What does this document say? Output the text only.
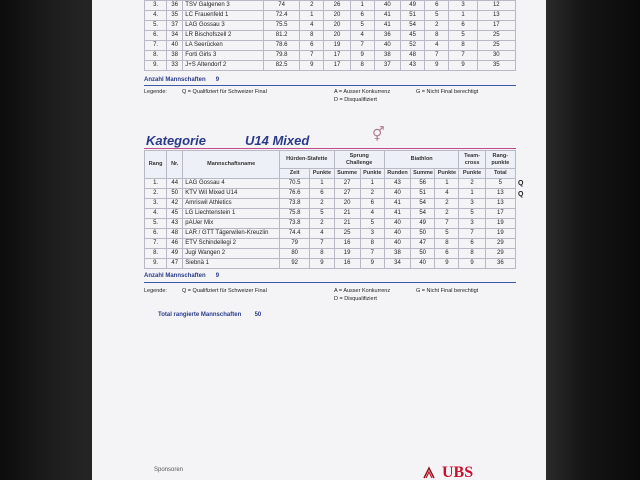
3.	36	TSV Galgenen 3	74	2	26	1	40	49	6	3	12
4.	35	LC Frauenfeld 1	72.4	1	20	6	41	51	5	1	13
5.	37	LAG Gossau 3	75.5	4	20	5	41	54	2	6	17
6.	34	LR Bischofszell 2	81.2	8	20	4	36	45	8	5	25
7.	40	LA Seerücken	78.6	6	19	7	40	52	4	8	25
8.	38	Forti Girls 3	79.8	7	17	9	38	48	7	7	30
9.	33	J+S Altendorf 2	82.5	9	17	8	37	43	9	9	35
Anzahl Mannschaften 9
Legende:	Q = Qualifiziert für Schweizer Final	A = Ausser Konkurrenz	G = Nicht Final berechtigt
D = Disqualifiziert
Kategorie	U14 Mixed	⚥
Rang	Nr.	Mannschaftsname	Hürden-Stafette		Sprung Challenge		Biathlon			Team-cross	Rang-punkte
			Zeit	Punkte	Summe	Punkte	Runden	Summe	Punkte	Punkte	Total
1.	44	LAG Gossau 4	70.5	1	27	1	43	56	1	2	5
2.	50	KTV Wil Mixed U14	76.6	6	27	2	40	51	4	1	13
3.	42	Amriswil Athletics	73.8	2	20	6	41	54	2	3	13
4.	45	LG Liechtenstein 1	75.8	5	21	4	41	54	2	5	17
5.	43	pAUer Mix	73.8	2	21	5	40	49	7	3	19
6.	48	LAR / GTT Tägerwilen-Kreuzlin	74.4	4	25	3	40	50	5	7	19
7.	46	ETV Schindellegi 2	79	7	16	8	40	47	8	6	29
8.	49	Jugi Wangen 2	80	8	19	7	38	50	6	8	29
9.	47	Siebnä 1	92	9	16	9	34	40	9	9	36
Q
Q
Anzahl Mannschaften 9
Legende:	Q = Qualifiziert für Schweizer Final	A = Ausser Konkurrenz	G = Nicht Final berechtigt
D = Disqualifiziert
Total rangierte Mannschaften 50
Sponsoren	UBS
